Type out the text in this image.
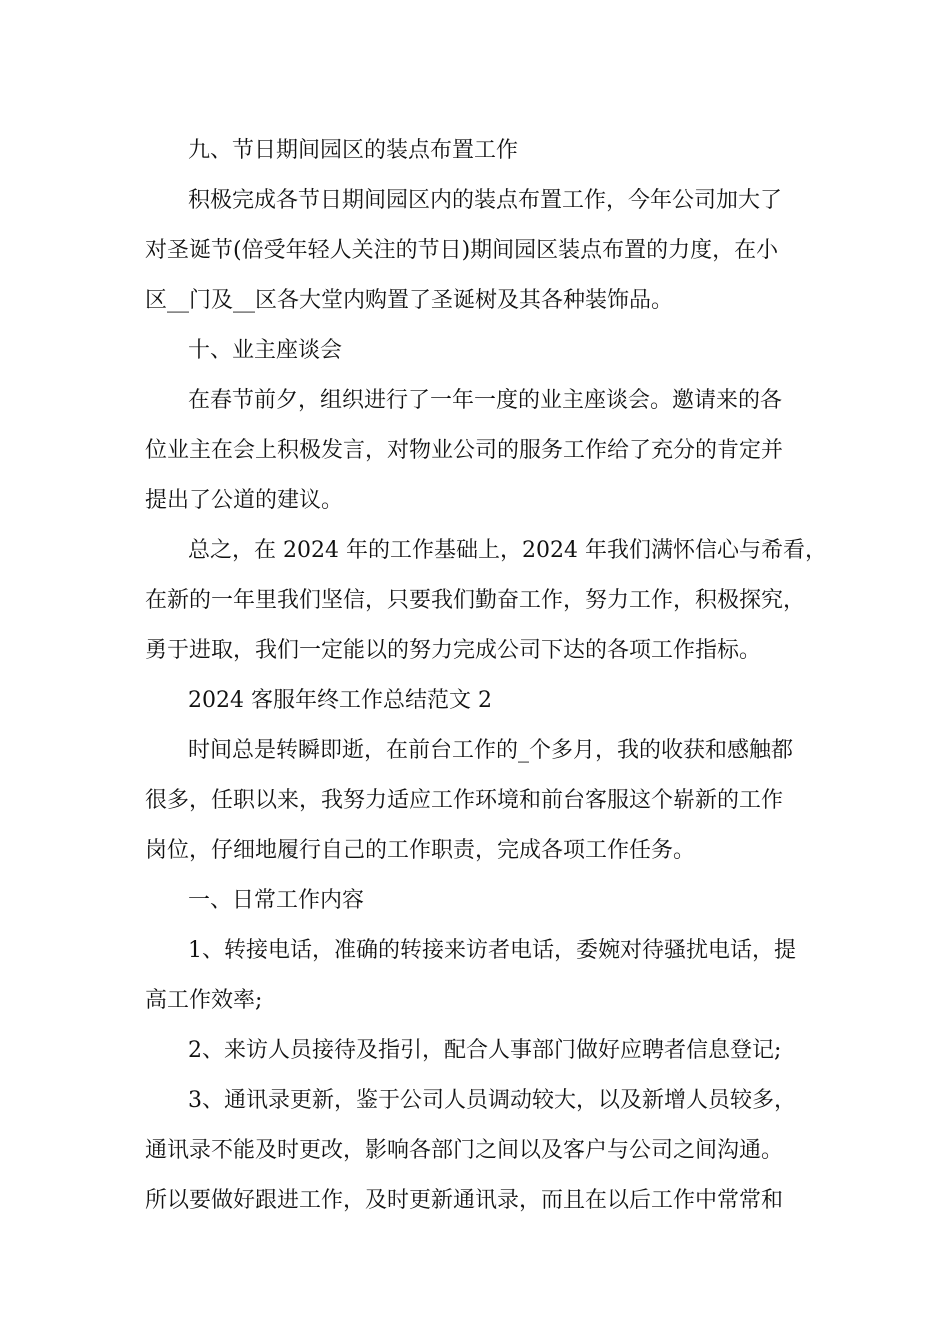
九、节日期间园区的装点布置工作
积极完成各节日期间园区内的装点布置工作，今年公司加大了
对圣诞节(倍受年轻人关注的节日)期间园区装点布置的力度，在小
区__门及__区各大堂内购置了圣诞树及其各种装饰品。
十、业主座谈会
在春节前夕，组织进行了一年一度的业主座谈会。邀请来的各
位业主在会上积极发言，对物业公司的服务工作给了充分的肯定并
提出了公道的建议。
总之，在 2024 年的工作基础上，2024 年我们满怀信心与希看，
在新的一年里我们坚信，只要我们勤奋工作，努力工作，积极探究，
勇于进取，我们一定能以的努力完成公司下达的各项工作指标。
2024 客服年终工作总结范文 2
时间总是转瞬即逝，在前台工作的_个多月，我的收获和感触都
很多，任职以来，我努力适应工作环境和前台客服这个崭新的工作
岗位，仔细地履行自己的工作职责，完成各项工作任务。
一、日常工作内容
1、转接电话，准确的转接来访者电话，委婉对待骚扰电话，提
高工作效率;
2、来访人员接待及指引，配合人事部门做好应聘者信息登记;
3、通讯录更新，鉴于公司人员调动较大，以及新增人员较多，
通讯录不能及时更改，影响各部门之间以及客户与公司之间沟通。
所以要做好跟进工作，及时更新通讯录，而且在以后工作中常常和
